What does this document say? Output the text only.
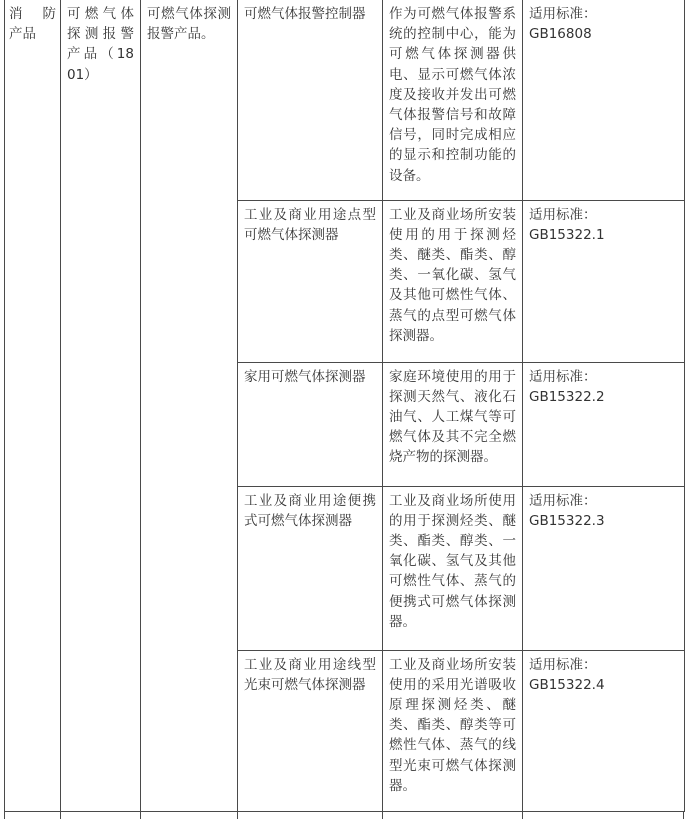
消 防 产品	可燃气体探测报警产品（18 01）	可燃气体探测报警产品。	可燃气体报警控制器	作为可燃气体报警系统的控制中心，能为可燃气体探测器供电、显示可燃气体浓度及接收并发出可燃气体报警信号和故障信号，同时完成相应的显示和控制功能的设备。	适用标准：
GB16808

			工业及商业用途点型可燃气体探测器	工业及商业场所安装使用的用于探测烃类、醚类、酯类、醇类、一氧化碳、氢气及其他可燃性气体、蒸气的点型可燃气体探测器。	适用标准：
GB15322.1

			家用可燃气体探测器	家庭环境使用的用于探测天然气、液化石油气、人工煤气等可燃气体及其不完全燃烧产物的探测器。	适用标准：
GB15322.2

			工业及商业用途便携式可燃气体探测器	工业及商业场所使用的用于探测烃类、醚类、酯类、醇类、一氧化碳、氢气及其他可燃性气体、蒸气的便携式可燃气体探测器。	适用标准：
GB15322.3

			工业及商业用途线型光束可燃气体探测器	工业及商业场所安装使用的采用光谱吸收原理探测烃类、醚类、酯类、醇类等可燃性气体、蒸气的线型光束可燃气体探测器。	适用标准：
GB15322.4
